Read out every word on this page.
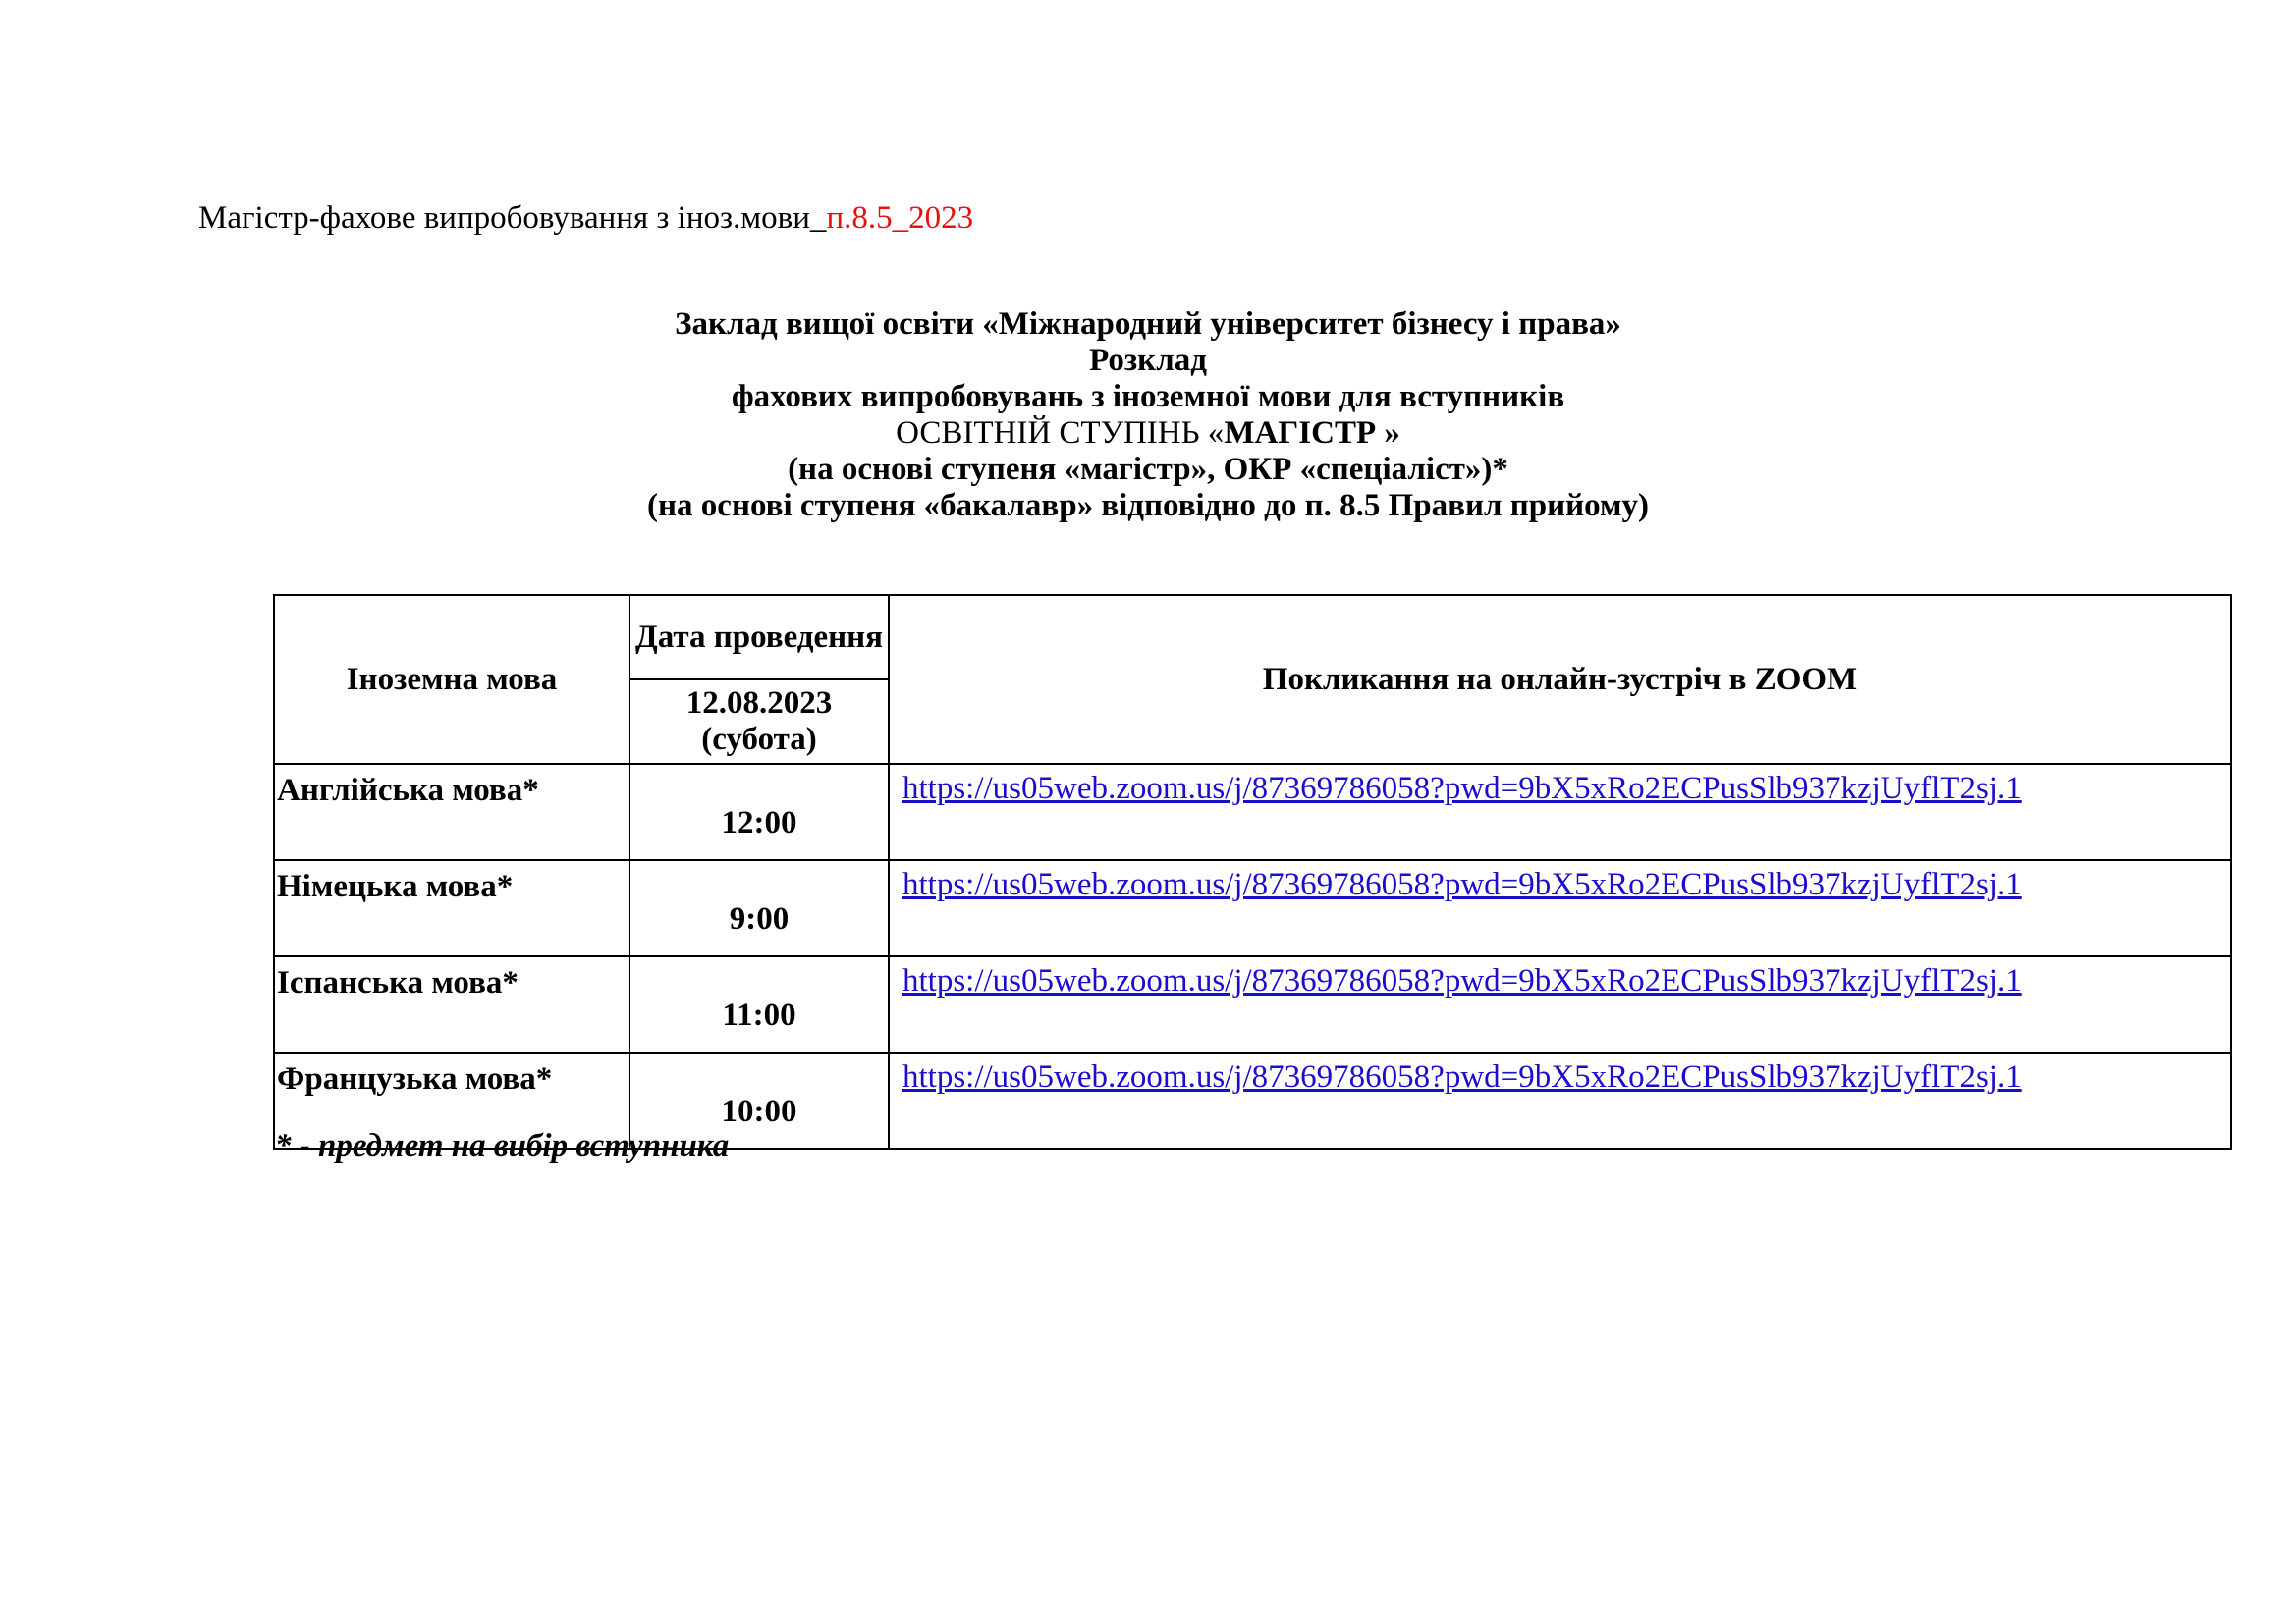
Магістр-фахове випробовування з іноз.мови_п.8.5_2023
Заклад вищої освіти «Міжнародний університет бізнесу і права»
Розклад
фахових випробовувань з іноземної мови для вступників
ОСВІТНІЙ СТУПІНЬ «МАГІСТР »
(на основі ступеня «магістр», ОКР «спеціаліст»)*
(на основі ступеня «бакалавр» відповідно до п. 8.5 Правил прийому)
Іноземна мова	Дата проведення	Покликання на онлайн-зустріч в ZOOM
	12.08.2023
(субота)	
Англійська мова*	12:00	https://us05web.zoom.us/j/87369786058?pwd=9bX5xRo2ECPusSlb937kzjUyflT2sj.1
Німецька мова*	9:00	https://us05web.zoom.us/j/87369786058?pwd=9bX5xRo2ECPusSlb937kzjUyflT2sj.1
Іспанська мова*	11:00	https://us05web.zoom.us/j/87369786058?pwd=9bX5xRo2ECPusSlb937kzjUyflT2sj.1
Французька мова*	10:00	https://us05web.zoom.us/j/87369786058?pwd=9bX5xRo2ECPusSlb937kzjUyflT2sj.1
* - предмет на вибір вступника
